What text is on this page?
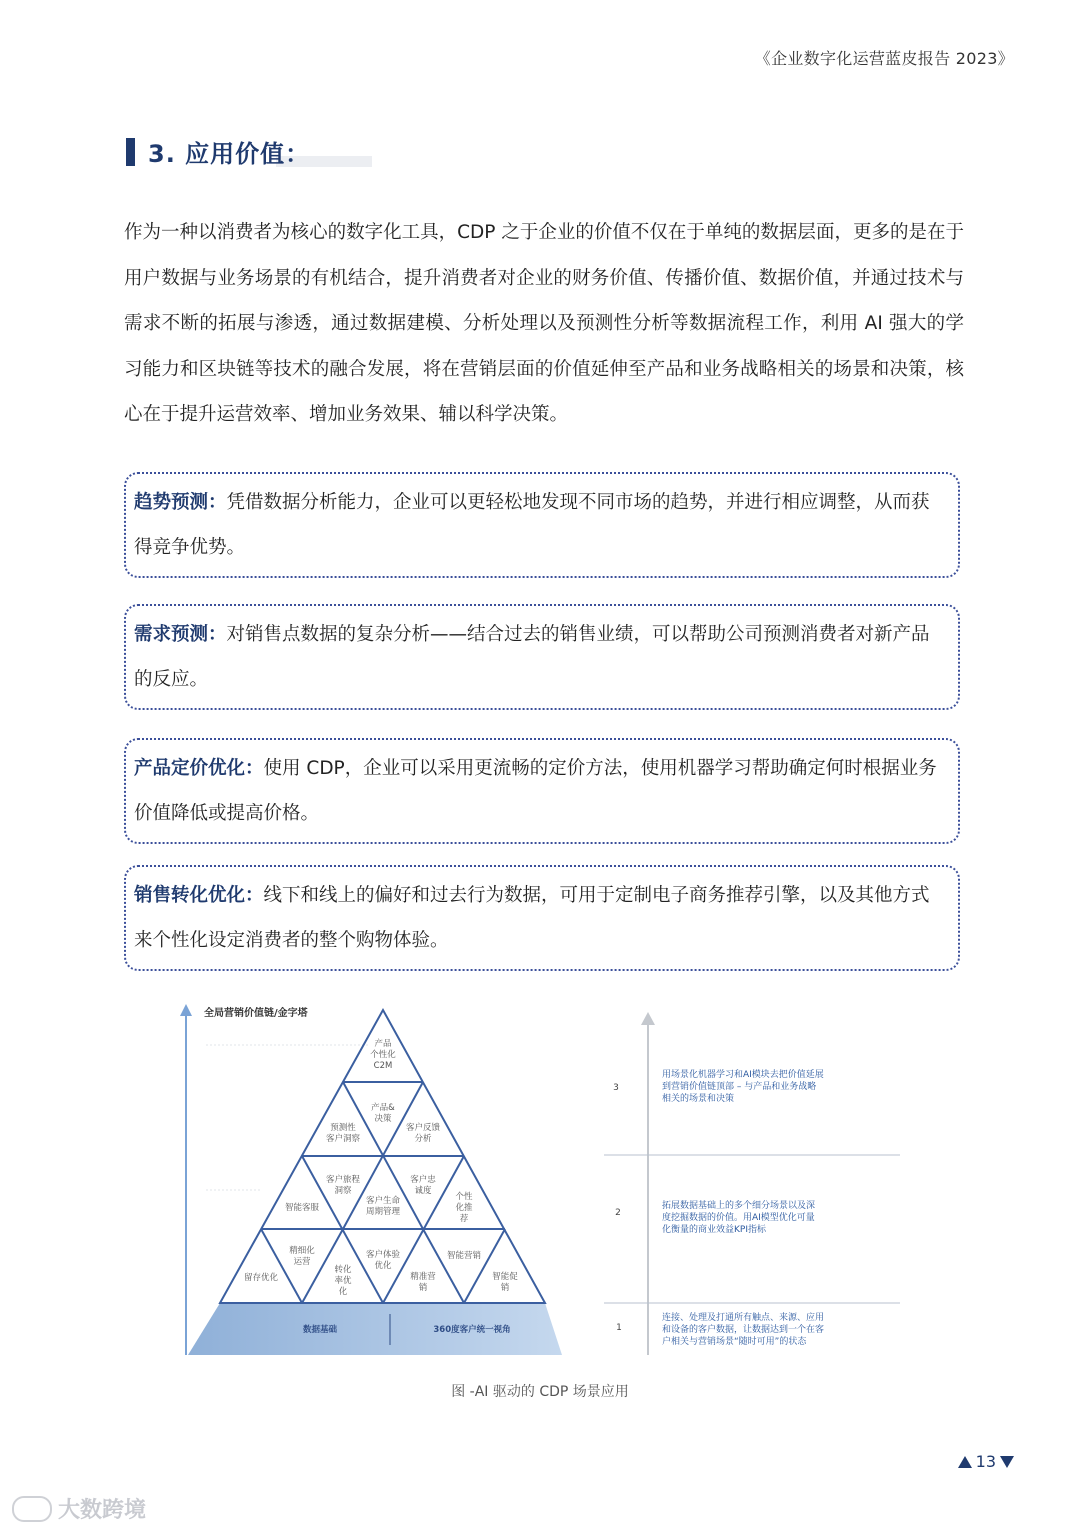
《企业数字化运营蓝皮报告 2023》
3. 应用价值：

作为一种以消费者为核心的数字化工具，CDP 之于企业的价值不仅在于单纯的数据层面，更多的是在于用户数据与业务场景的有机结合，提升消费者对企业的财务价值、传播价值、数据价值，并通过技术与需求不断的拓展与渗透，通过数据建模、分析处理以及预测性分析等数据流程工作，利用 AI 强大的学习能力和区块链等技术的融合发展，将在营销层面的价值延伸至产品和业务战略相关的场景和决策，核心在于提升运营效率、增加业务效果、辅以科学决策。

趋势预测：凭借数据分析能力，企业可以更轻松地发现不同市场的趋势，并进行相应调整，从而获得竞争优势。
需求预测：对销售点数据的复杂分析——结合过去的销售业绩，可以帮助公司预测消费者对新产品的反应。
产品定价优化：使用 CDP，企业可以采用更流畅的定价方法，使用机器学习帮助确定何时根据业务价值降低或提高价格。
销售转化优化：线下和线上的偏好和过去行为数据，可用于定制电子商务推荐引擎，以及其他方式来个性化设定消费者的整个购物体验。
全局营销价值链/金字塔
产品个性化 C2M
预测性客户洞察
产品&决策
客户反馈分析
客户旅程洞察
客户忠诚度
智能客服
客户生命周期管理
个性化推荐
精细化运营
客户体验优化
智能营销
留存优化
转化率优化
精准营销
智能促销
数据基础	360度客户统一视角
3
2
1
用场景化机器学习和AI模块去把价值延展到营销价值链顶部 – 与产品和业务战略相关的场景和决策
拓展数据基础上的多个细分场景以及深度挖掘数据的价值。用AI模型优化可量化衡量的商业效益KPI指标
连接、处理及打通所有触点、来源、应用和设备的客户数据，让数据达到一个在客户相关与营销场景“随时可用”的状态
图 -AI 驱动的 CDP 场景应用
13
大数跨境
